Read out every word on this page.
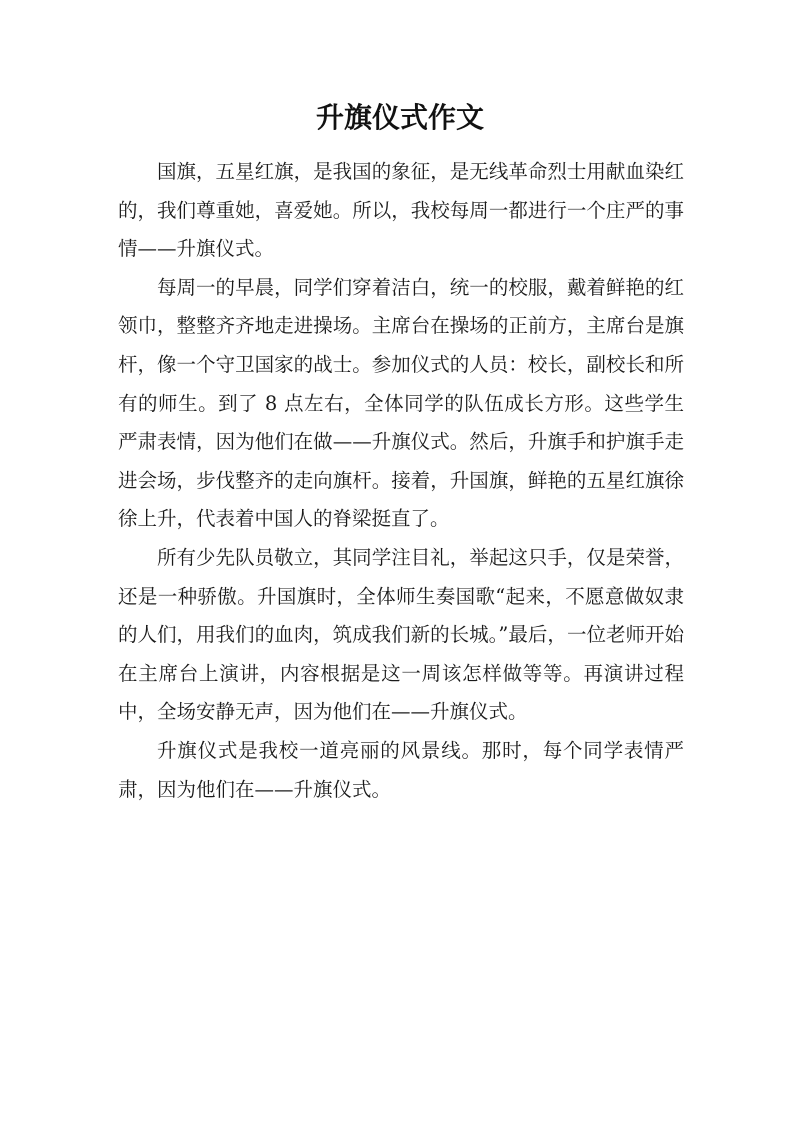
升旗仪式作文

国旗，五星红旗，是我国的象征，是无线革命烈士用献血染红的，我们尊重她，喜爱她。所以，我校每周一都进行一个庄严的事情——升旗仪式。

每周一的早晨，同学们穿着洁白，统一的校服，戴着鲜艳的红领巾，整整齐齐地走进操场。主席台在操场的正前方，主席台是旗杆，像一个守卫国家的战士。参加仪式的人员：校长，副校长和所有的师生。到了 8 点左右，全体同学的队伍成长方形。这些学生严肃表情，因为他们在做——升旗仪式。然后，升旗手和护旗手走进会场，步伐整齐的走向旗杆。接着，升国旗，鲜艳的五星红旗徐徐上升，代表着中国人的脊梁挺直了。

所有少先队员敬立，其同学注目礼，举起这只手，仅是荣誉，还是一种骄傲。升国旗时，全体师生奏国歌“起来，不愿意做奴隶的人们，用我们的血肉，筑成我们新的长城。”最后，一位老师开始在主席台上演讲，内容根据是这一周该怎样做等等。再演讲过程中，全场安静无声，因为他们在——升旗仪式。

升旗仪式是我校一道亮丽的风景线。那时，每个同学表情严肃，因为他们在——升旗仪式。
